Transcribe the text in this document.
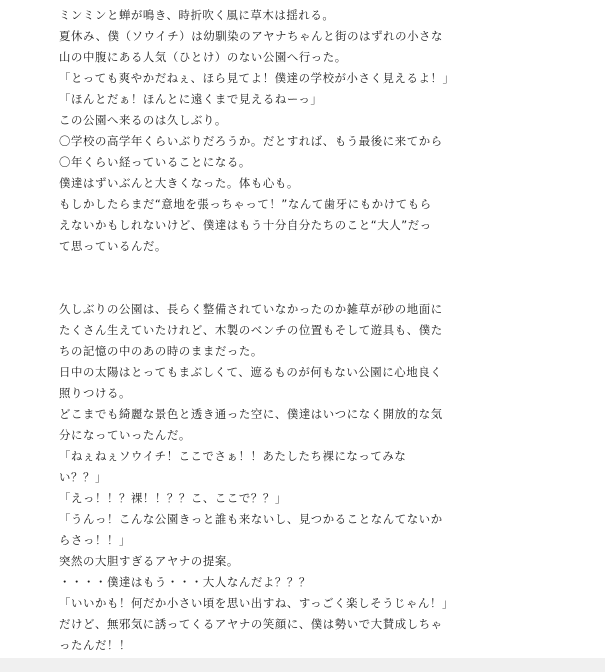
ミンミンと蝉が鳴き、時折吹く風に草木は揺れる。
夏休み、僕（ソウイチ）は幼馴染のアヤナちゃんと街のはずれの小さな
山の中腹にある人気（ひとけ）のない公園へ行った。
「とっても爽やかだねぇ、ほら見てよ！僕達の学校が小さく見えるよ！」
「ほんとだぁ！ほんとに遠くまで見えるねーっ」
この公園へ来るのは久しぶり。
〇学校の高学年くらいぶりだろうか。だとすれば、もう最後に来てから
〇年くらい経っていることになる。
僕達はずいぶんと大きくなった。体も心も。
もしかしたらまだ“意地を張っちゃって！”なんて歯牙にもかけてもら
えないかもしれないけど、僕達はもう十分自分たちのこと“大人”だっ
て思っているんだ。
久しぶりの公園は、長らく整備されていなかったのか雑草が砂の地面に
たくさん生えていたけれど、木製のベンチの位置もそして遊具も、僕た
ちの記憶の中のあの時のままだった。
日中の太陽はとってもまぶしくて、遮るものが何もない公園に心地良く
照りつける。
どこまでも綺麗な景色と透き通った空に、僕達はいつになく開放的な気
分になっていったんだ。
「ねぇねぇソウイチ！ここでさぁ！！あたしたち裸になってみな
い？？」
「えっ！！？裸！！？？こ、ここで？？」
「うんっ！こんな公園きっと誰も来ないし、見つかることなんてないか
らさっ！！」
突然の大胆すぎるアヤナの提案。
・・・・僕達はもう・・・大人なんだよ？？？
「いいかも！何だか小さい頃を思い出すね、すっごく楽しそうじゃん！」
だけど、無邪気に誘ってくるアヤナの笑顔に、僕は勢いで大賛成しちゃ
ったんだ！！
